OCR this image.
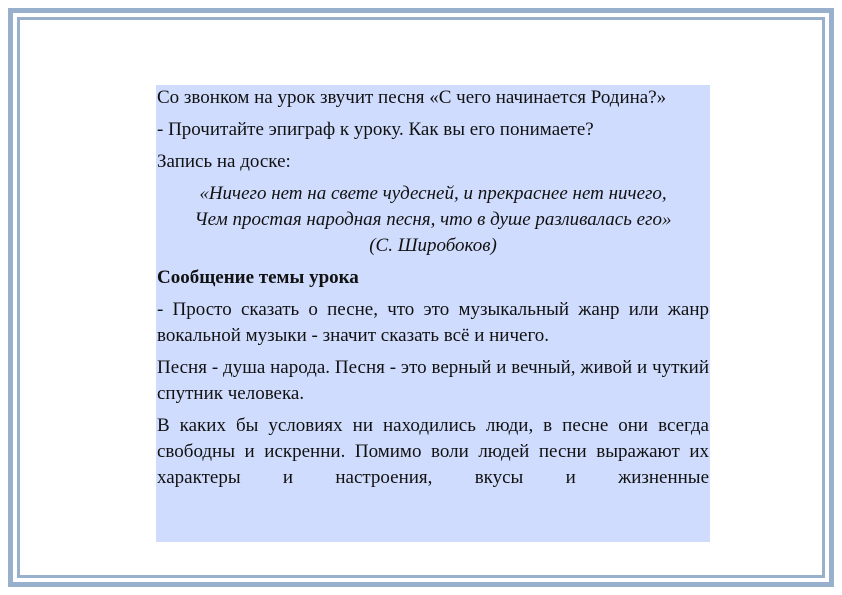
Со звонком на урок звучит песня «С чего начинается Родина?»

- Прочитайте эпиграф к уроку. Как вы его понимаете?

Запись на доске:

«Ничего нет на свете чудесней, и прекраснее нет ничего,
Чем простая народная песня, что в душе разливалась его»
(С. Широбоков)

Сообщение темы урока

- Просто сказать о песне, что это музыкальный жанр или жанр вокальной музыки - значит сказать всё и ничего.

Песня - душа народа. Песня - это верный и вечный, живой и чуткий спутник человека.

В каких бы условиях ни находились люди, в песне они всегда свободны и искренни. Помимо воли людей песни выражают их характеры и настроения, вкусы и жизненные
